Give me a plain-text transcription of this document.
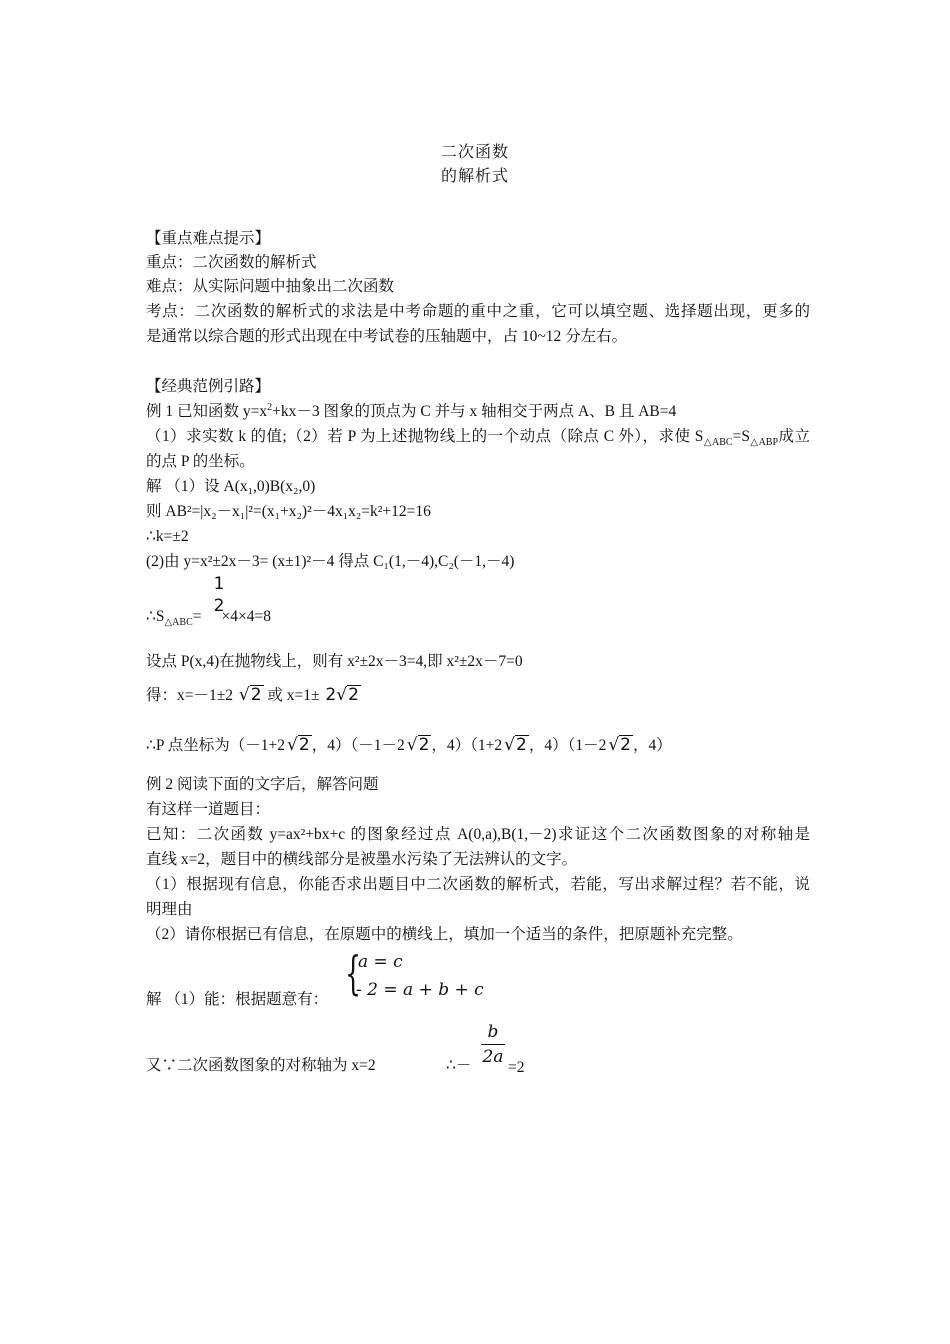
二次函数
的解析式
【重点难点提示】
重点：二次函数的解析式
难点：从实际问题中抽象出二次函数
考点：二次函数的解析式的求法是中考命题的重中之重，它可以填空题、选择题出现，更多的
是通常以综合题的形式出现在中考试卷的压轴题中，占 10~12 分左右。
【经典范例引路】
例 1 已知函数 $y=x^2+kx-3$ 图象的顶点为 C 并与 x 轴相交于两点 A、B 且 AB=4
（1）求实数 k 的值;（2）若 P 为上述抛物线上的一个动点（除点 C 外），求使 $S_{\triangle ABC}=S_{\triangle ABP}$成立
的点 P 的坐标。
解 （1）设 A(x₁,0)B(x₂,0)
则 AB²=|x₂－x₁|²=(x₁+x₂)²－4x₁x₂=k²+12=16
∴k=±2
(2)由 y=x²±2x－3= (x±1)²－4 得点 C₁(1,－4),C₂(－1,－4)
$\therefore S_{\triangle ABC}= \times 4\times 4=8$
1
2
设点 P(x,4)在抛物线上，则有 x²±2x－3=4,即 x²±2x－7=0
得：x=－1±2 √2 或 x=1± 2√2
∴P 点坐标为（－1+2 √2 ，4）（－1－2 √2 ，4）（1+2 √2 ，4）（1－2 √2 ，4）
例 2 阅读下面的文字后，解答问题
有这样一道题目：
已知：二次函数 y=ax²+bx+c 的图象经过点 A(0,a),B(1,－2)求证这个二次函数图象的对称轴是
直线 x=2，题目中的横线部分是被墨水污染了无法辨认的文字。
（1）根据现有信息，你能否求出题目中二次函数的解析式，若能，写出求解过程？若不能，说
明理由
（2）请你根据已有信息，在原题中的横线上，填加一个适当的条件，把原题补充完整。
解 （1）能：根据题意有： {
a = c
- 2 = a + b + c
又∵二次函数图象的对称轴为 x=2	∴－
b
2a
=2
